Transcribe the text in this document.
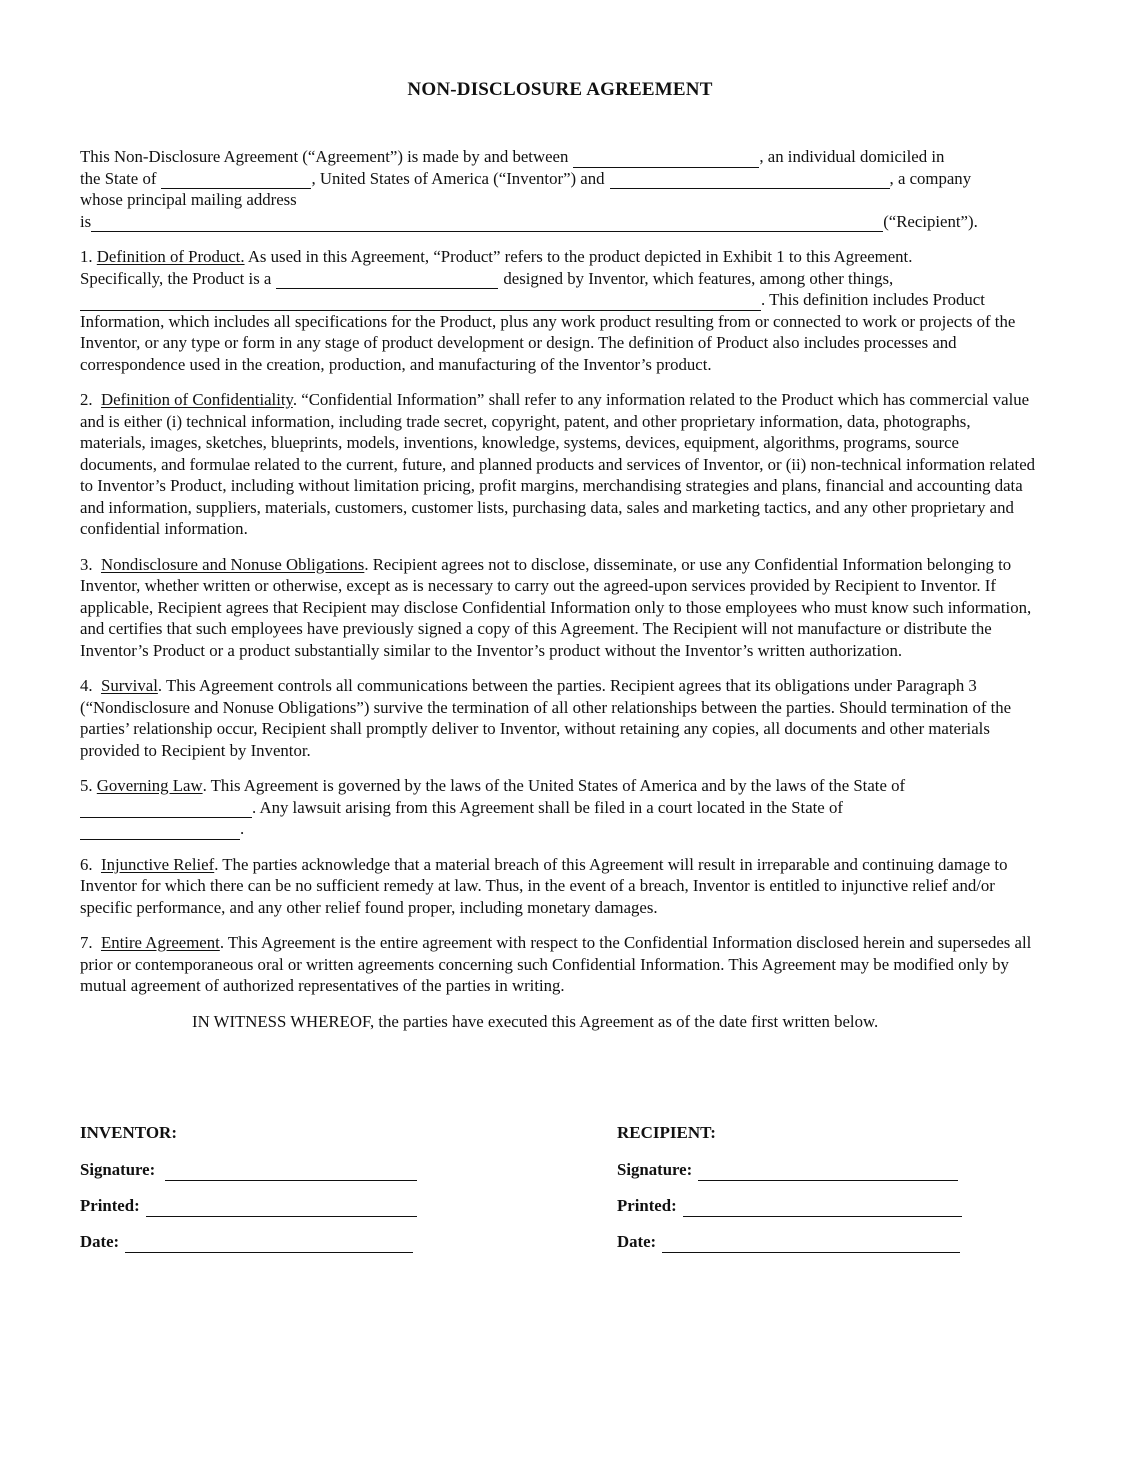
NON-DISCLOSURE AGREEMENT
This Non-Disclosure Agreement (“Agreement”) is made by and between	, an individual domiciled in
the State of	, United States of America (“Inventor”) and	, a company
whose principal mailing address
is	(“Recipient”).
1.
Definition of Product. As used in this Agreement, “Product” refers to the product depicted in Exhibit 1 to this Agreement.
Specifically, the Product is a	designed by Inventor, which features, among other things,
. This definition includes Product

Information, which includes all specifications for the Product, plus any work product resulting from or connected to work or projects of the Inventor, or any type or form in any stage of product development or design. The definition of Product also includes processes and correspondence used in the creation, production, and manufacturing of the Inventor’s product.

2. Definition of Confidentiality. “Confidential Information” shall refer to any information related to the Product which has commercial value and is either (i) technical information, including trade secret, copyright, patent, and other proprietary information, data, photographs, materials, images, sketches, blueprints, models, inventions, knowledge, systems, devices, equipment, algorithms, programs, source documents, and formulae related to the current, future, and planned products and services of Inventor, or (ii) non-technical information related to Inventor’s Product, including without limitation pricing, profit margins, merchandising strategies and plans, financial and accounting data and information, suppliers, materials, customers, customer lists, purchasing data, sales and marketing tactics, and any other proprietary and confidential information.

3. Nondisclosure and Nonuse Obligations. Recipient agrees not to disclose, disseminate, or use any Confidential Information belonging to Inventor, whether written or otherwise, except as is necessary to carry out the agreed-upon services provided by Recipient to Inventor. If applicable, Recipient agrees that Recipient may disclose Confidential Information only to those employees who must know such information, and certifies that such employees have previously signed a copy of this Agreement. The Recipient will not manufacture or distribute the Inventor’s Product or a product substantially similar to the Inventor’s product without the Inventor’s written authorization.

4. Survival. This Agreement controls all communications between the parties. Recipient agrees that its obligations under Paragraph 3 (“Nondisclosure and Nonuse Obligations”) survive the termination of all other relationships between the parties. Should termination of the parties’ relationship occur, Recipient shall promptly deliver to Inventor, without retaining any copies, all documents and other materials provided to Recipient by Inventor.

5.
Governing Law . This Agreement is governed by the laws of the United States of America and by the laws of the State of
. Any lawsuit arising from this Agreement shall be filed in a court located in the State of
.

6. Injunctive Relief. The parties acknowledge that a material breach of this Agreement will result in irreparable and continuing damage to Inventor for which there can be no sufficient remedy at law. Thus, in the event of a breach, Inventor is entitled to injunctive relief and/or specific performance, and any other relief found proper, including monetary damages.

7. Entire Agreement. This Agreement is the entire agreement with respect to the Confidential Information disclosed herein and supersedes all prior or contemporaneous oral or written agreements concerning such Confidential Information. This Agreement may be modified only by mutual agreement of authorized representatives of the parties in writing.

IN WITNESS WHEREOF, the parties have executed this Agreement as of the date first written below.
INVENTOR:
Signature:
Printed:
Date:
RECIPIENT:
Signature:
Printed:
Date:
